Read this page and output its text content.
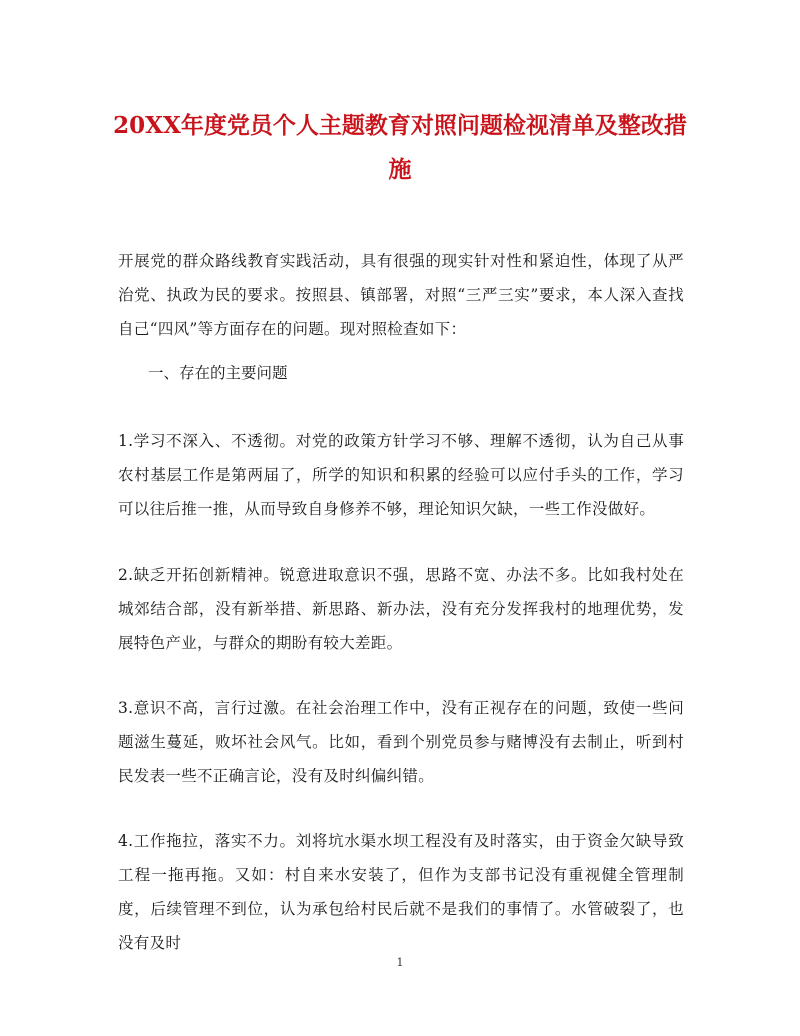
20XX年度党员个人主题教育对照问题检视清单及整改措施

开展党的群众路线教育实践活动，具有很强的现实针对性和紧迫性，体现了从严治党、执政为民的要求。按照县、镇部署，对照“三严三实”要求，本人深入查找自己“四风”等方面存在的问题。现对照检查如下：

一、存在的主要问题

1.学习不深入、不透彻。对党的政策方针学习不够、理解不透彻，认为自己从事农村基层工作是第两届了，所学的知识和积累的经验可以应付手头的工作，学习可以往后推一推，从而导致自身修养不够，理论知识欠缺，一些工作没做好。

2.缺乏开拓创新精神。锐意进取意识不强，思路不宽、办法不多。比如我村处在城郊结合部，没有新举措、新思路、新办法，没有充分发挥我村的地理优势，发展特色产业，与群众的期盼有较大差距。

3.意识不高，言行过激。在社会治理工作中，没有正视存在的问题，致使一些问题滋生蔓延，败坏社会风气。比如，看到个别党员参与赌博没有去制止，听到村民发表一些不正确言论，没有及时纠偏纠错。

4.工作拖拉，落实不力。刘将坑水渠水坝工程没有及时落实，由于资金欠缺导致工程一拖再拖。又如：村自来水安装了，但作为支部书记没有重视健全管理制度，后续管理不到位，认为承包给村民后就不是我们的事情了。水管破裂了，也没有及时

1
